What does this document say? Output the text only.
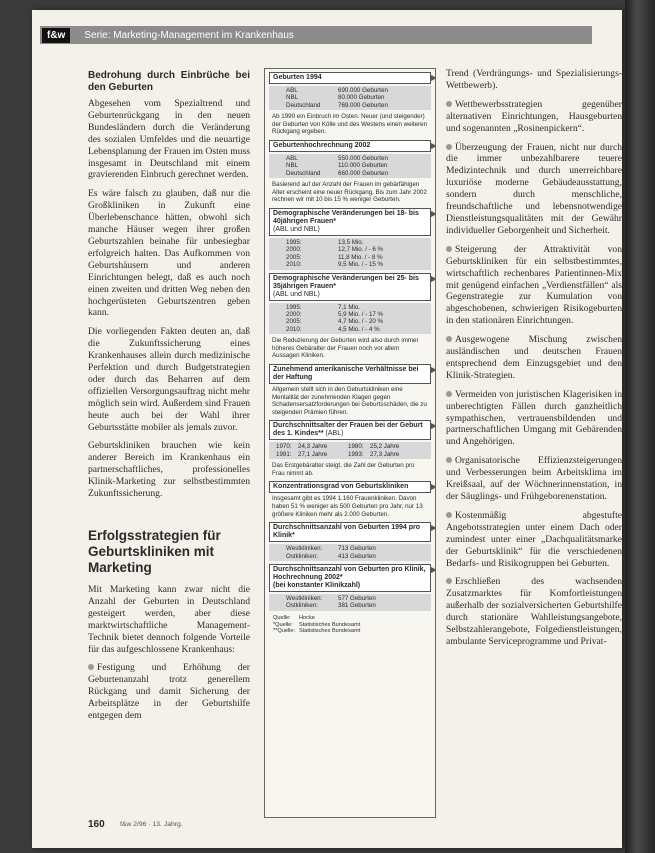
f&w	Serie: Marketing-Management im Krankenhaus
Bedrohung durch Einbrüche bei den Geburten

Abgesehen vom Spezialtrend und Geburtenrückgang in den neuen Bundesländern durch die Veränderung des sozialen Umfeldes und die neuartige Lebensplanung der Frauen im Osten muss insgesamt in Deutschland mit einem gravierenden Einbruch gerechnet werden.

Es wäre falsch zu glauben, daß nur die Großkliniken in Zukunft eine Überlebenschance hätten, obwohl sich manche Häuser wegen ihrer großen Geburtszahlen beinahe für unbesiegbar erfolgreich halten. Das Aufkommen von Geburtshäusern und anderen Einrichtungen belegt, daß es auch noch einen zweiten und dritten Weg neben den hochgerüsteten Geburtszentren geben kann.

Die vorliegenden Fakten deuten an, daß die Zukunftssicherung eines Krankenhauses allein durch medizinische Perfektion und durch Budgetstrategien oder durch das Beharren auf dem offiziellen Versorgungsauftrag nicht mehr möglich sein wird. Außerdem sind Frauen heute auch bei der Wahl ihrer Geburtsstätte mobiler als jemals zuvor.

Geburtskliniken brauchen wie kein anderer Bereich im Krankenhaus ein partnerschaftliches, professionelles Klinik-Marketing zur selbstbestimmten Zukunftssicherung.

Erfolgsstrategien für Geburtskliniken mit Marketing

Mit Marketing kann zwar nicht die Anzahl der Geburten in Deutschland gesteigert werden, aber diese marktwirtschaftliche Management-Technik bietet dennoch folgende Vorteile für das aufgeschlossene Krankenhaus:

Festigung und Erhöhung der Geburtenanzahl trotz generellem Rückgang und damit Sicherung der Arbeitsplätze in der Geburtshilfe entgegen dem

Geburten 1994
ABL	690.000 Geburten
NBL	80.000 Geburten
Deutschland	769.000 Geburten
Ab 1990 ein Einbruch im Osten. Neuer (und steigender) der Geburten von Kölle und des Westens einen weiteren Rückgang ergeben.
Geburtenhochrechnung 2002
ABL	550.000 Geburten
NBL	110.000 Geburten
Deutschland	660.000 Geburten
Basierend auf der Anzahl der Frauen im gebärfähigen Alter erscheint eine neuer Rückgang. Bis zum Jahr 2002 rechnen wir mit 10 bis 15 % weniger Geburten.
Demographische Veränderungen bei 18- bis 40jährigen Frauen*
(ABL und NBL)
1995:	13,5 Mio.
2000:	12,7 Mio. / - 6 %
2005:	11,8 Mio. / - 8 %
2010:	9,5 Mio. / - 15 %
Demographische Veränderungen bei 25- bis 35jährigen Frauen*
(ABL und NBL)
1995:	7,1 Mio.
2000:	5,9 Mio. / - 17 %
2005:	4,7 Mio. / - 20 %
2010:	4,5 Mio. / - 4 %
Die Reduzierung der Geburten wird also durch immer höheres Gebäralter der Frauen noch vor allem Aussagen Kliniken.
Zunehmend amerikanische Verhältnisse bei der Haftung
Allgemein stellt sich in den Geburtskliniken eine Mentalität der zunehmenden Klagen gegen Schadensersatzforderungen bei Geburtsschäden, die zu steigenden Prämien führen.
Durchschnittsalter der Frauen bei der Geburt des 1. Kindes** (ABL)
1970:	24,3 Jahre	1980:	25,2 Jahre
1991:	27,1 Jahre	1993:	27,3 Jahre
Das Erstgebäralter steigt, die Zahl der Geburten pro Frau nimmt ab.
Konzentrationsgrad von Geburtskliniken
Insgesamt gibt es 1994 1.160 Frauenkliniken. Davon haben 51 % weniger als 500 Geburten pro Jahr, nur 13 größere Kliniken mehr als 2.000 Geburten.
Durchschnittsanzahl von Geburten 1994 pro Klinik*
Westkliniken:	713 Geburten
Ostkliniken:	413 Geburten
Durchschnittsanzahl von Geburten pro Klinik, Hochrechnung 2002*
(bei konstanter Klinikzahl)
Westkliniken:	577 Geburten
Ostkliniken:	381 Geburten
Quelle:	Hocke
*Quelle:	Statistisches Bundesamt
**Quelle: Statistisches Bundesamt

Trend (Verdrängungs- und Spezialisierungs-Wettbewerb).

Wettbewerbsstrategien gegenüber alternativen Einrichtungen, Hausgeburten und sogenannten „Rosinenpickern“.

Überzeugung der Frauen, nicht nur durch die immer unbezahlbarere teuere Medizintechnik und durch unerreichbare luxuriöse moderne Gebäudeausstattung, sondern durch menschliche, freundschaftliche und lebensnotwendige Dienstleistungsqualitäten mit der Gewähr individueller Geborgenheit und Sicherheit.

Steigerung der Attraktivität von Geburtskliniken für ein selbstbestimmtes, wirtschaftlich rechenbares Patientinnen-Mix mit genügend einfachen „Verdienstfällen“ als Gegenstrategie zur Kumulation von abgeschobenen, schwierigen Risikogeburten in den stationären Einrichtungen.

Ausgewogene Mischung zwischen ausländischen und deutschen Frauen entsprechend dem Einzugsgebiet und den Klinik-Strategien.

Vermeiden von juristischen Klagerisiken in unberechtigten Fällen durch ganzheitlich sympathischen, vertrauensbildenden und partnerschaftlichen Umgang mit Gebärenden und Angehörigen.

Organisatorische Effizienzsteigerungen und Verbesserungen beim Arbeitsklima im Kreißsaal, auf der Wöchnerinnenstation, in der Säuglings- und Frühgeborenenstation.

Kostenmäßig abgestufte Angebotsstrategien unter einem Dach oder zumindest unter einer „Dachqualitätsmarke der Geburtsklinik“ für die verschiedenen Bedarfs- und Risikogruppen bei Geburten.

Erschließen des wachsenden Zusatzmarktes für Komfortleistungen außerhalb der sozialversicherten Geburtshilfe durch stationäre Wahlleistungsangebote, Selbstzahlerangebote, Folgedienstleistungen, ambulante Serviceprogramme und Privat-

160 f&w 2/96 · 13. Jahrg.
